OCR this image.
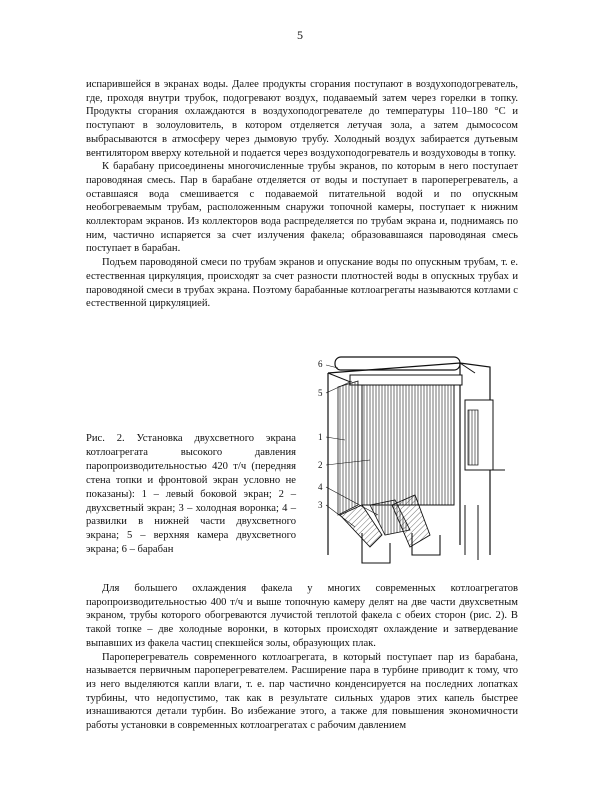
5

испарившейся в экранах воды. Далее продукты сгорания поступают в воздухоподогреватель, где, проходя внутри трубок, подогревают воздух, подаваемый затем через горелки в топку. Продукты сгорания охлаждаются в воздухоподогревателе до температуры 110–180 °С и поступают в золоуловитель, в котором отделяется летучая зола, а затем дымососом выбрасываются в атмосферу через дымовую трубу. Холодный воздух забирается дутьевым вентилятором вверху котельной и подается через воздухоподогреватель и воздуховоды в топку.

К барабану присоединены многочисленные трубы экранов, по которым в него поступает пароводяная смесь. Пар в барабане отделяется от воды и поступает в пароперегреватель, а оставшаяся вода смешивается с подаваемой питательной водой и по опускным необогреваемым трубам, расположенным снаружи топочной камеры, поступает к нижним коллекторам экранов. Из коллекторов вода распределяется по трубам экрана и, поднимаясь по ним, частично испаряется за счет излучения факела; образовавшаяся пароводяная смесь поступает в барабан.

Подъем пароводяной смеси по трубам экранов и опускание воды по опускным трубам, т. е. естественная циркуляция, происходят за счет разности плотностей воды в опускных трубах и пароводяной смеси в трубах экрана. Поэтому барабанные котлоагрегаты называются котлами с естественной циркуляцией.

Рис. 2. Установка двухсветного экрана котлоагрегата высокого давления паропроизводительностью 420 т/ч (передняя стена топки и фронтовой экран условно не показаны): 1 – левый боковой экран; 2 – двухсветный экран; 3 – холодная воронка; 4 – развилки в нижней части двухсветного экрана; 5 – верхняя камера двухсветного экрана; 6 – барабан

6
5
1
2
4
3

Для большего охлаждения факела у многих современных котлоагрегатов паропроизводительностью 400 т/ч и выше топочную камеру делят на две части двухсветным экраном, трубы которого обогреваются лучистой теплотой факела с обеих сторон (рис. 2). В такой топке – две холодные воронки, в которых происходят охлаждение и затвердевание выпавших из факела частиц спекшейся золы, образующих плак.

Пароперегреватель современного котлоагрегата, в который поступает пар из барабана, называется первичным пароперегревателем. Расширение пара в турбине приводит к тому, что из него выделяются капли влаги, т. е. пар частично конденсируется на последних лопатках турбины, что недопустимо, так как в результате сильных ударов этих капель быстрее изнашиваются детали турбин. Во избежание этого, а также для повышения экономичности работы установки в современных котлоагрегатах с рабочим давлением
